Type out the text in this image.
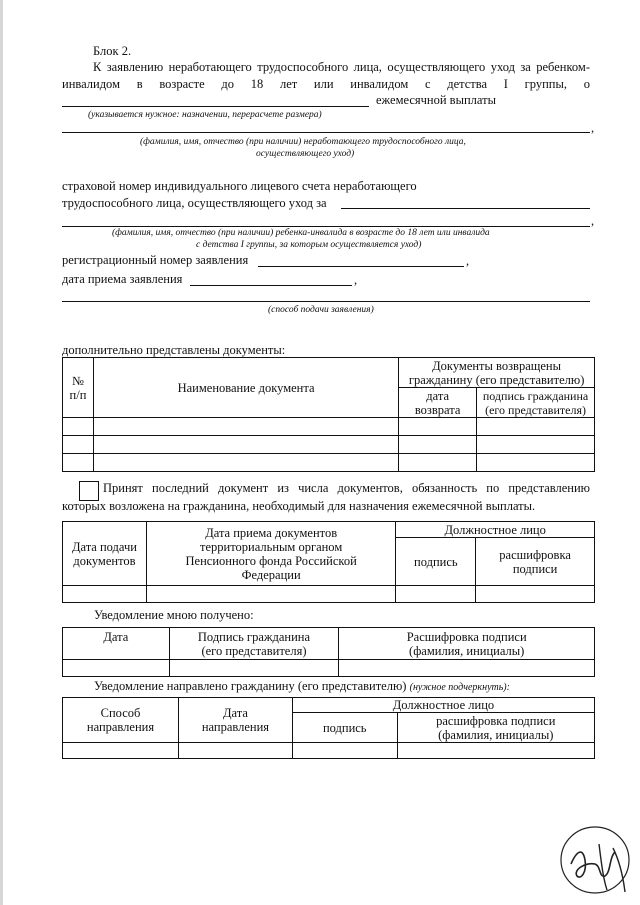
Блок 2.
К заявлению неработающего трудоспособного лица, осуществляющего уход за ребенком-
инвалидом в возрасте до 18 лет или инвалидом с детства I группы, о
ежемесячной выплаты
(указывается нужное: назначении, перерасчете размера)
,
(фамилия, имя, отчество (при наличии) неработающего трудоспособного лица,
осуществляющего уход)
страховой номер индивидуального лицевого счета неработающего
трудоспособного лица, осуществляющего уход за
,
(фамилия, имя, отчество (при наличии) ребенка-инвалида в возрасте до 18 лет или инвалида
с детства I группы, за которым осуществляется уход)
регистрационный номер заявления	,
дата приема заявления	,
(способ подачи заявления)
дополнительно представлены документы:
№ п/п	Наименование документа	Документы возвращены гражданину (его представителю)	
		дата возврата	подпись гражданина (его представителя)

Принят последний документ из числа документов, обязанность по представлению
которых возложена на гражданина, необходимый для назначения ежемесячной выплаты.
Дата подачи документов	Дата приема документов территориальным органом Пенсионного фонда Российской Федерации	Должностное лицо	
		подпись	расшифровка подписи

Уведомление мною получено:
Дата	Подпись гражданина (его представителя)	Расшифровка подписи (фамилия, инициалы)

Уведомление направлено гражданину (его представителю) (нужное подчеркнуть):
Способ направления	Дата направления	Должностное лицо	
		подпись	расшифровка подписи (фамилия, инициалы)
